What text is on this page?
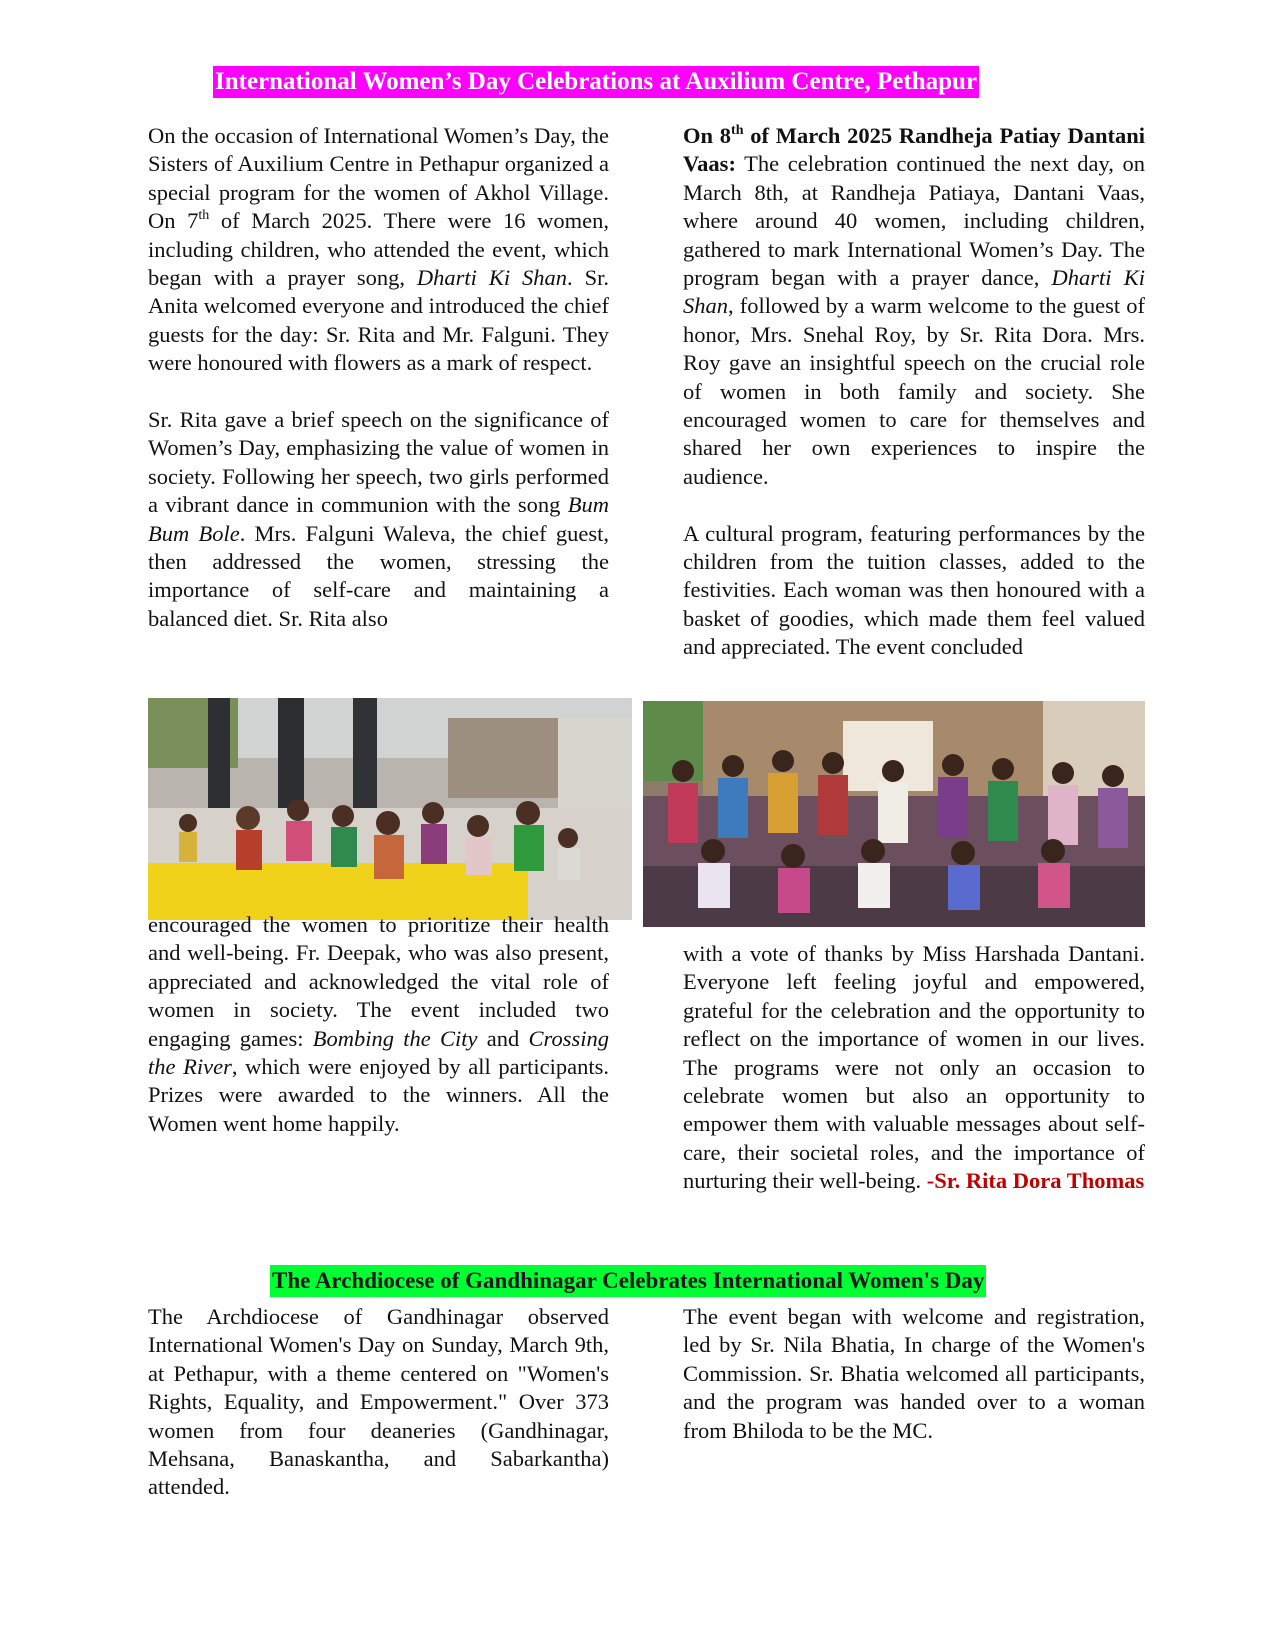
International Women’s Day Celebrations at Auxilium Centre, Pethapur

On the occasion of International Women’s Day, the Sisters of Auxilium Centre in Pethapur organized a special program for the women of Akhol Village. On 7th of March 2025. There were 16 women, including children, who attended the event, which began with a prayer song, Dharti Ki Shan. Sr. Anita welcomed everyone and introduced the chief guests for the day: Sr. Rita and Mr. Falguni. They were honoured with flowers as a mark of respect.

Sr. Rita gave a brief speech on the significance of Women’s Day, emphasizing the value of women in society. Following her speech, two girls performed a vibrant dance in communion with the song Bum Bum Bole. Mrs. Falguni Waleva, the chief guest, then addressed the women, stressing the importance of self-care and maintaining a balanced diet. Sr. Rita also

encouraged the women to prioritize their health and well-being. Fr. Deepak, who was also present, appreciated and acknowledged the vital role of women in society. The event included two engaging games: Bombing the City and Crossing the River, which were enjoyed by all participants. Prizes were awarded to the winners. All the Women went home happily.

On 8th of March 2025 Randheja Patiay Dantani Vaas: The celebration continued the next day, on March 8th, at Randheja Patiaya, Dantani Vaas, where around 40 women, including children, gathered to mark International Women’s Day. The program began with a prayer dance, Dharti Ki Shan, followed by a warm welcome to the guest of honor, Mrs. Snehal Roy, by Sr. Rita Dora. Mrs. Roy gave an insightful speech on the crucial role of women in both family and society. She encouraged women to care for themselves and shared her own experiences to inspire the audience.

A cultural program, featuring performances by the children from the tuition classes, added to the festivities. Each woman was then honoured with a basket of goodies, which made them feel valued and appreciated. The event concluded

with a vote of thanks by Miss Harshada Dantani. Everyone left feeling joyful and empowered, grateful for the celebration and the opportunity to reflect on the importance of women in our lives. The programs were not only an occasion to celebrate women but also an opportunity to empower them with valuable messages about self-care, their societal roles, and the importance of nurturing their well-being. -Sr. Rita Dora Thomas

The Archdiocese of Gandhinagar Celebrates International Women's Day

The Archdiocese of Gandhinagar observed International Women's Day on Sunday, March 9th, at Pethapur, with a theme centered on "Women's Rights, Equality, and Empowerment." Over 373 women from four deaneries (Gandhinagar, Mehsana, Banaskantha, and Sabarkantha) attended.

The event began with welcome and registration, led by Sr. Nila Bhatia, In charge of the Women's Commission. Sr. Bhatia welcomed all participants, and the program was handed over to a woman from Bhiloda to be the MC.
